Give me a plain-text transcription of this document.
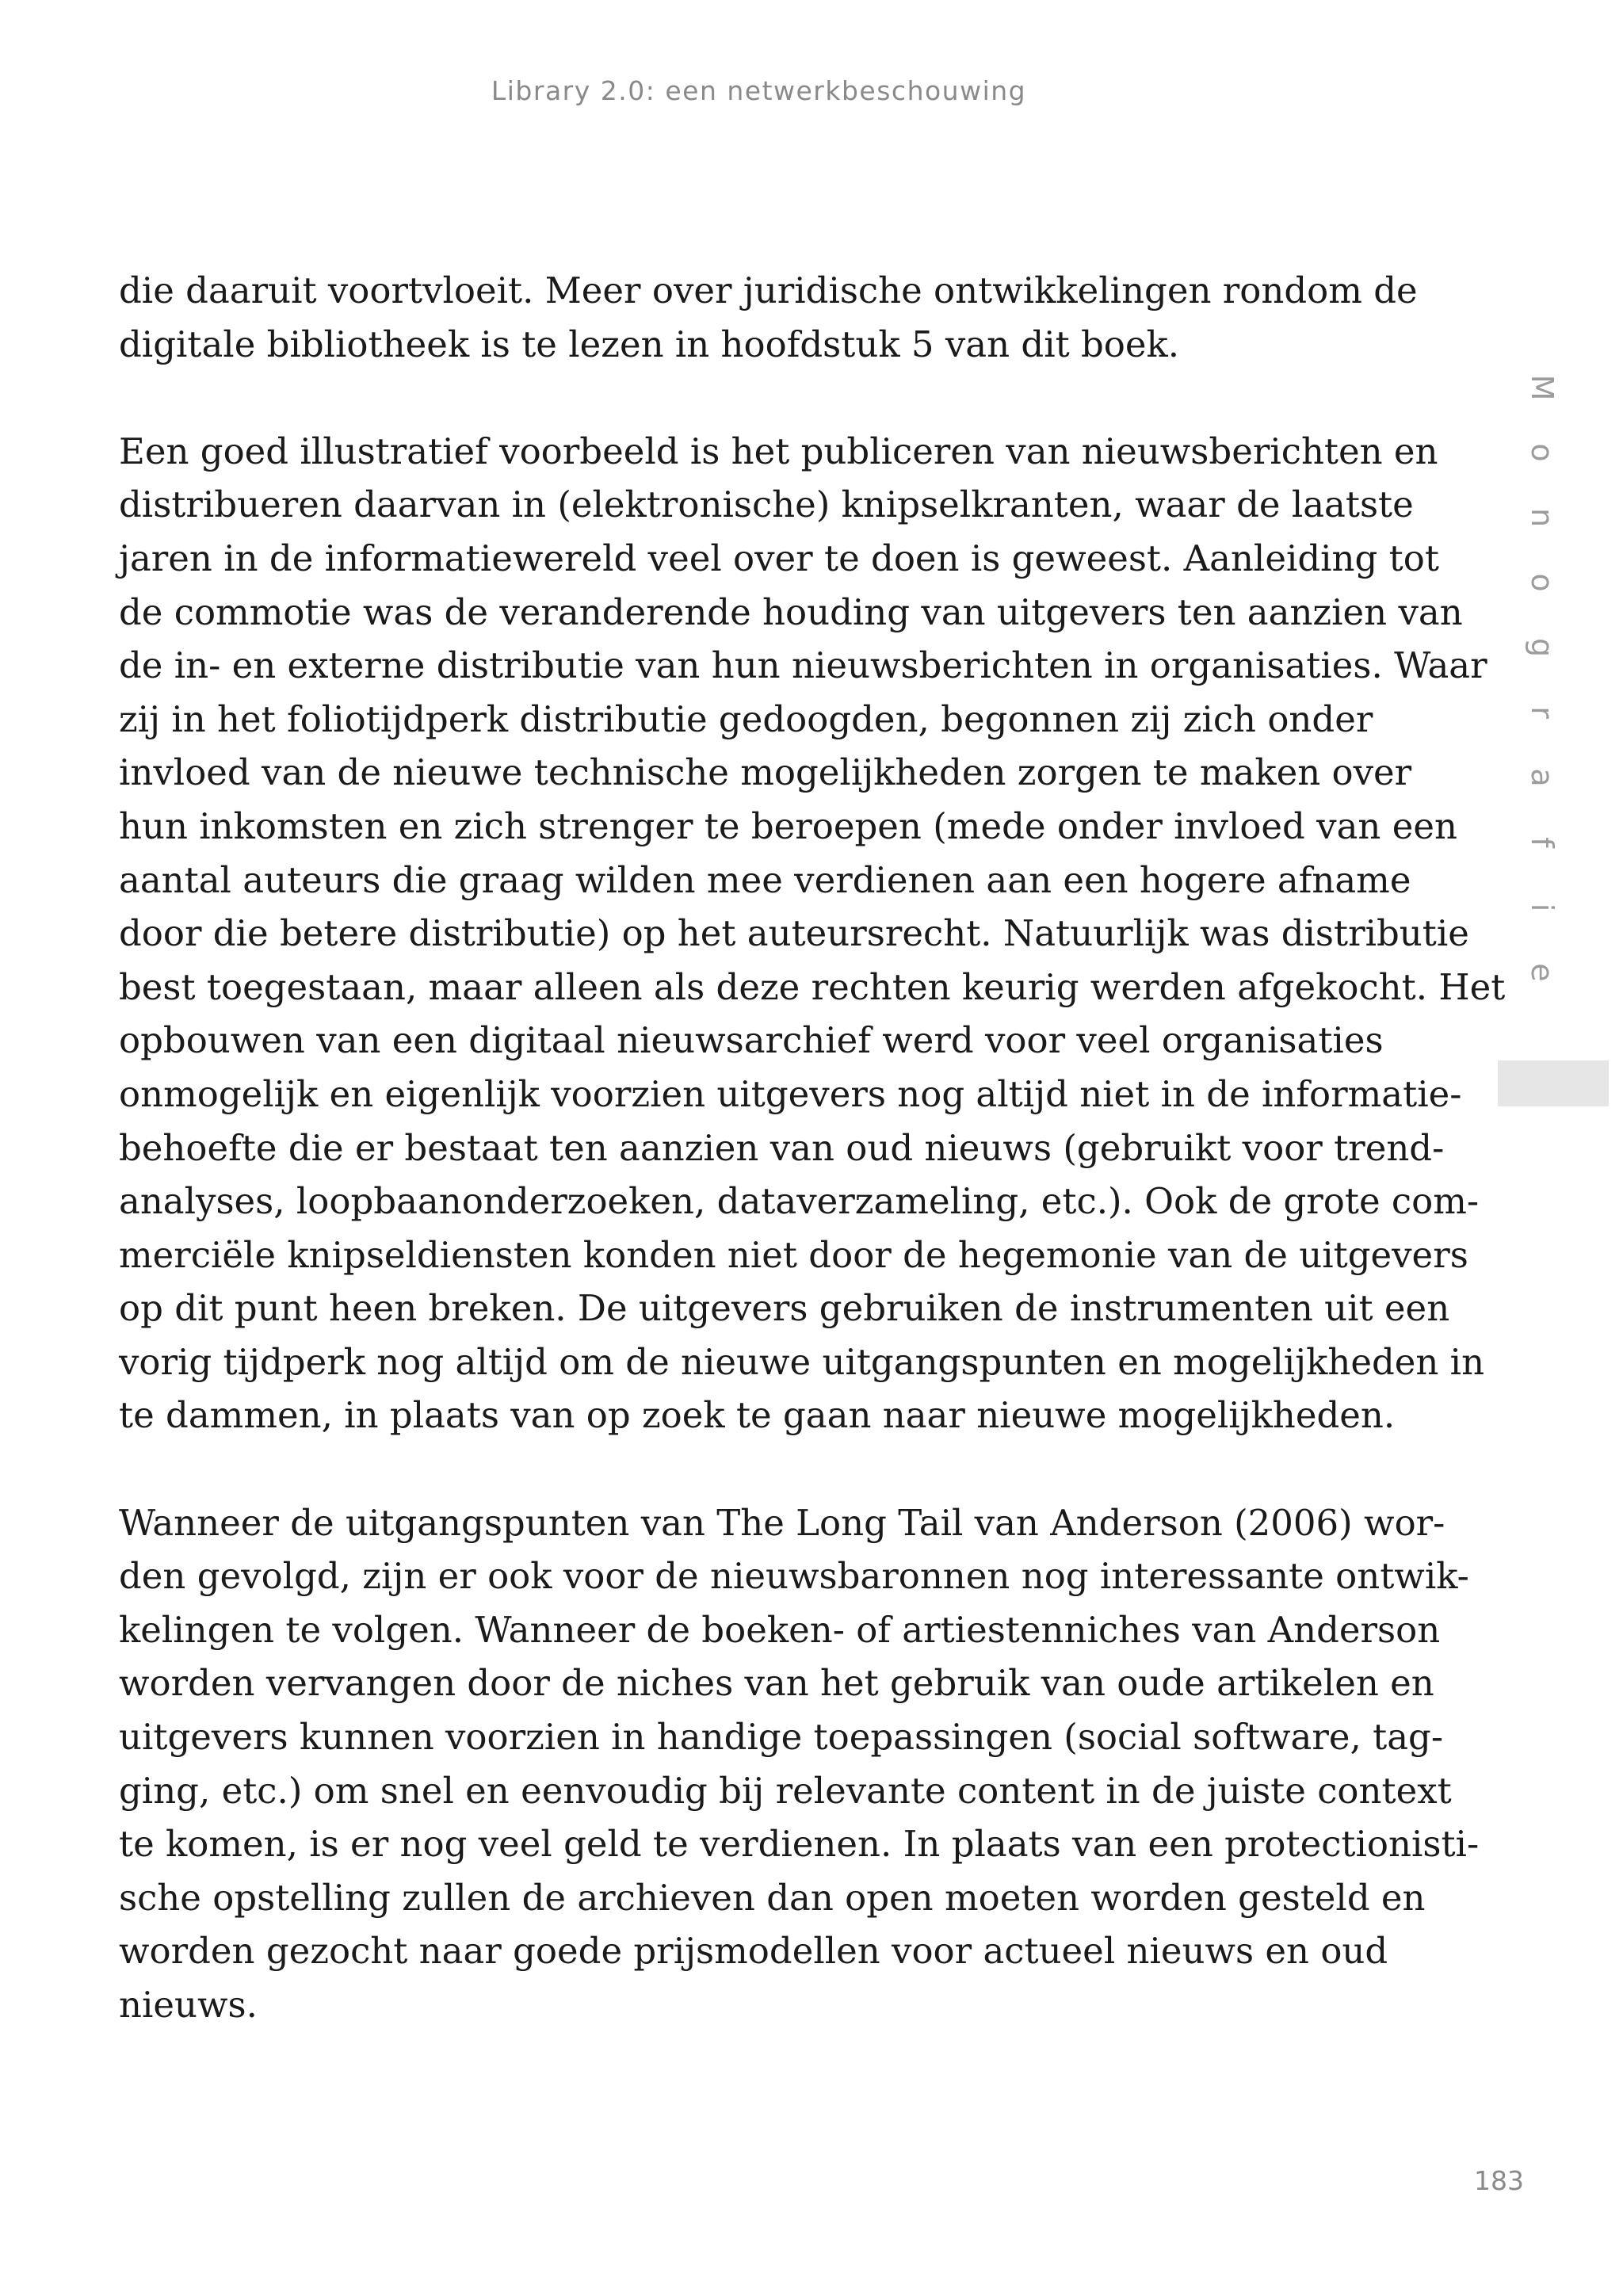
Library 2.0: een netwerkbeschouwing

die daaruit voortvloeit. Meer over juridische ontwikkelingen rondom de
digitale bibliotheek is te lezen in hoofdstuk 5 van dit boek.

Een goed illustratief voorbeeld is het publiceren van nieuwsberichten en
distribueren daarvan in (elektronische) knipselkranten, waar de laatste
jaren in de informatiewereld veel over te doen is geweest. Aanleiding tot
de commotie was de veranderende houding van uitgevers ten aanzien van
de in- en externe distributie van hun nieuwsberichten in organisaties. Waar
zij in het foliotijdperk distributie gedoogden, begonnen zij zich onder
invloed van de nieuwe technische mogelijkheden zorgen te maken over
hun inkomsten en zich strenger te beroepen (mede onder invloed van een
aantal auteurs die graag wilden mee verdienen aan een hogere afname
door die betere distributie) op het auteursrecht. Natuurlijk was distributie
best toegestaan, maar alleen als deze rechten keurig werden afgekocht. Het
opbouwen van een digitaal nieuwsarchief werd voor veel organisaties
onmogelijk en eigenlijk voorzien uitgevers nog altijd niet in de informatie-
behoefte die er bestaat ten aanzien van oud nieuws (gebruikt voor trend-
analyses, loopbaanonderzoeken, dataverzameling, etc.). Ook de grote com-
merciële knipseldiensten konden niet door de hegemonie van de uitgevers
op dit punt heen breken. De uitgevers gebruiken de instrumenten uit een
vorig tijdperk nog altijd om de nieuwe uitgangspunten en mogelijkheden in
te dammen, in plaats van op zoek te gaan naar nieuwe mogelijkheden.

Wanneer de uitgangspunten van The Long Tail van Anderson (2006) wor-
den gevolgd, zijn er ook voor de nieuwsbaronnen nog interessante ontwik-
kelingen te volgen. Wanneer de boeken- of artiestenniches van Anderson
worden vervangen door de niches van het gebruik van oude artikelen en
uitgevers kunnen voorzien in handige toepassingen (social software, tag-
ging, etc.) om snel en eenvoudig bij relevante content in de juiste context
te komen, is er nog veel geld te verdienen. In plaats van een protectionisti-
sche opstelling zullen de archieven dan open moeten worden gesteld en
worden gezocht naar goede prijsmodellen voor actueel nieuws en oud
nieuws.

M
o
n
o
g
r
a
f
i
e
183
